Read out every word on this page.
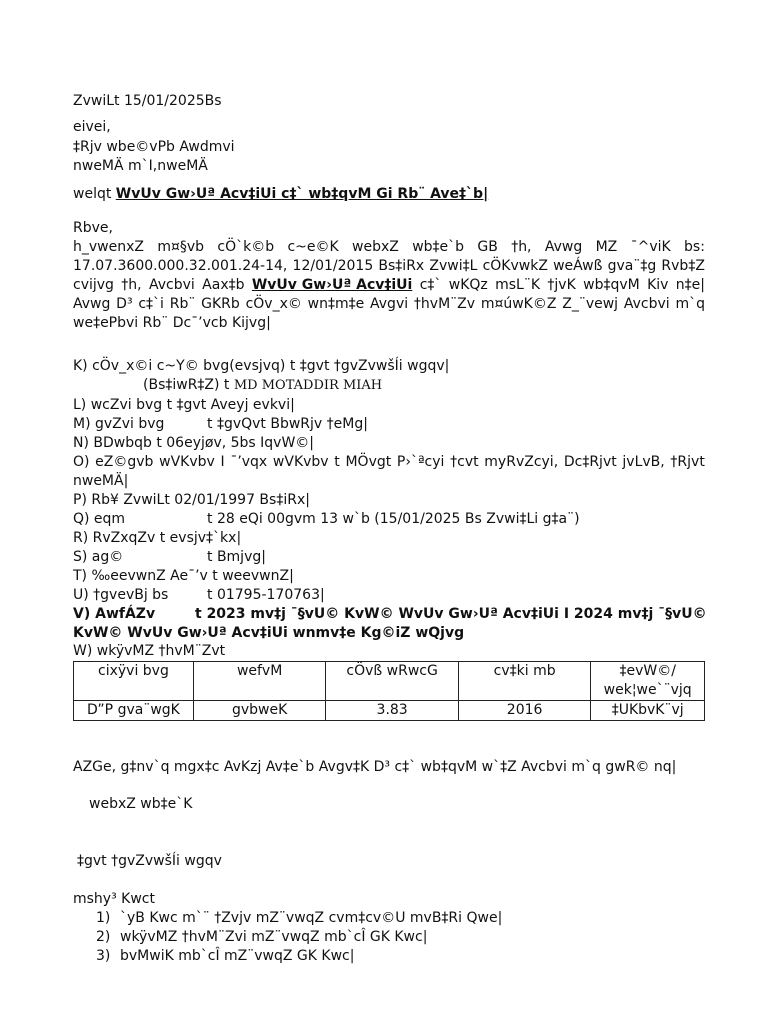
ZvwiLt 15/01/2025Bs
eivei,
‡Rjv wbe©vPb Awdmvi
nweMÄ m`I,nweMÄ
welqt WvUv Gw›Uª Acv‡iUi c‡` wb‡qvM Gi Rb¨ Ave‡`b|
Rbve,
h_vwenxZ m¤§vb cÖ`k©b c~e©K webxZ wb‡e`b GB †h, Avwg MZ ¯^viK bs:
17.07.3600.000.32.001.24-14, 12/01/2015 Bs‡iRx Zvwi‡L cÖKvwkZ weÁwß gva¨‡g Rvb‡Z
cvijvg †h, Avcbvi Aax‡b WvUv Gw›Uª Acv‡iUi c‡` wKQz msL¨K †jvK wb‡qvM Kiv n‡e|
Avwg D³ c‡`i Rb¨ GKRb cÖv_x© wn‡m‡e Avgvi †hvM¨Zv m¤úwK©Z Z_¨vewj Avcbvi m`q
we‡ePbvi Rb¨ Dc¯’vcb Kijvg|
K) cÖv_x©i c~Y© bvg(evsjvq) t ‡gvt †gvZvwšÍi wgqv|
(Bs‡iwR‡Z) t MD MOTADDIR MIAH
L) wcZvi bvg t ‡gvt Aveyj evkvi|
M) gvZvi bvg	t ‡gvQvt BbwRjv †eMg|
N) BDwbqb t 06eyjøv, 5bs IqvW©|
O) eZ©gvb wVKvbv I ¯’vqx wVKvbv t MÖvgt P›`ªcyi †cvt myRvZcyi, Dc‡Rjvt jvLvB, †Rjvt
nweMÄ|
P) Rb¥ ZvwiLt 02/01/1997 Bs‡iRx|
Q) eqm	t 28 eQi 00gvm 13 w`b (15/01/2025 Bs Zvwi‡Li g‡a¨)
R) RvZxqZv t evsjv‡`kx|
S) ag©	t Bmjvg|
T) ‰eevwnZ Ae¯’v t weevwnZ|
U) †gvevBj bs	t 01795-170763|
V) AwfÁZv	t 2023 mv‡j ¯§vU© KvW© WvUv Gw›Uª Acv‡iUi I 2024 mv‡j ¯§vU©
KvW© WvUv Gw›Uª Acv‡iUi wnmv‡e Kg©iZ wQjvg
W) wkÿvMZ †hvM¨Zvt
cixÿvi bvg	wefvM	cÖvß wRwcG	cv‡ki mb	‡evW©/ wek¦we`¨vjq
D”P gva¨wgK	gvbweK	3.83	2016	‡UKbvK¨vj
AZGe, g‡nv`q mgx‡c AvKzj Av‡e`b Avgv‡K D³ c‡` wb‡qvM w`‡Z Avcbvi m`q gwR© nq|
webxZ wb‡e`K
‡gvt †gvZvwšÍi wgqv
mshy³ Kwct
1) `yB Kwc m`¨ †Zvjv mZ¨vwqZ cvm‡cv©U mvB‡Ri Qwe|
2) wkÿvMZ †hvM¨Zvi mZ¨vwqZ mb`cÎ GK Kwc|
3) bvMwiK mb`cÎ mZ¨vwqZ GK Kwc|
